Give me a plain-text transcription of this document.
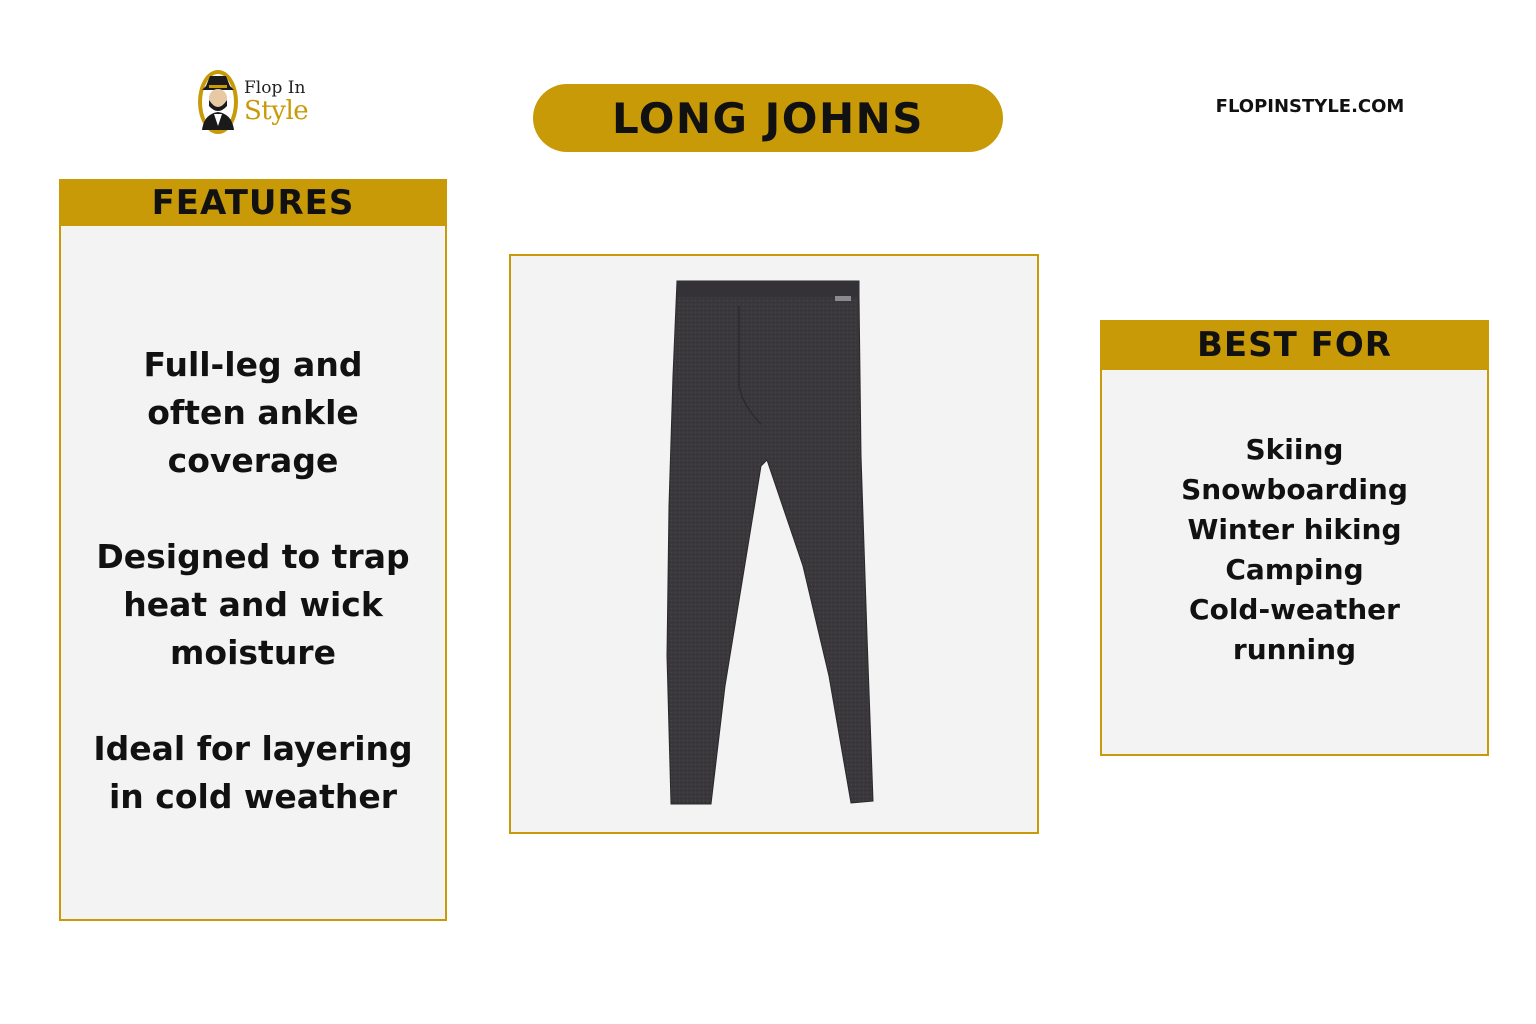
Flop In
Style	LONG JOHNS	FLOPINSTYLE.COM
FEATURES
Full-leg and often ankle coverage
Designed to trap heat and wick moisture
Ideal for layering in cold weather
BEST FOR
Skiing
Snowboarding
Winter hiking
Camping
Cold-weather running
